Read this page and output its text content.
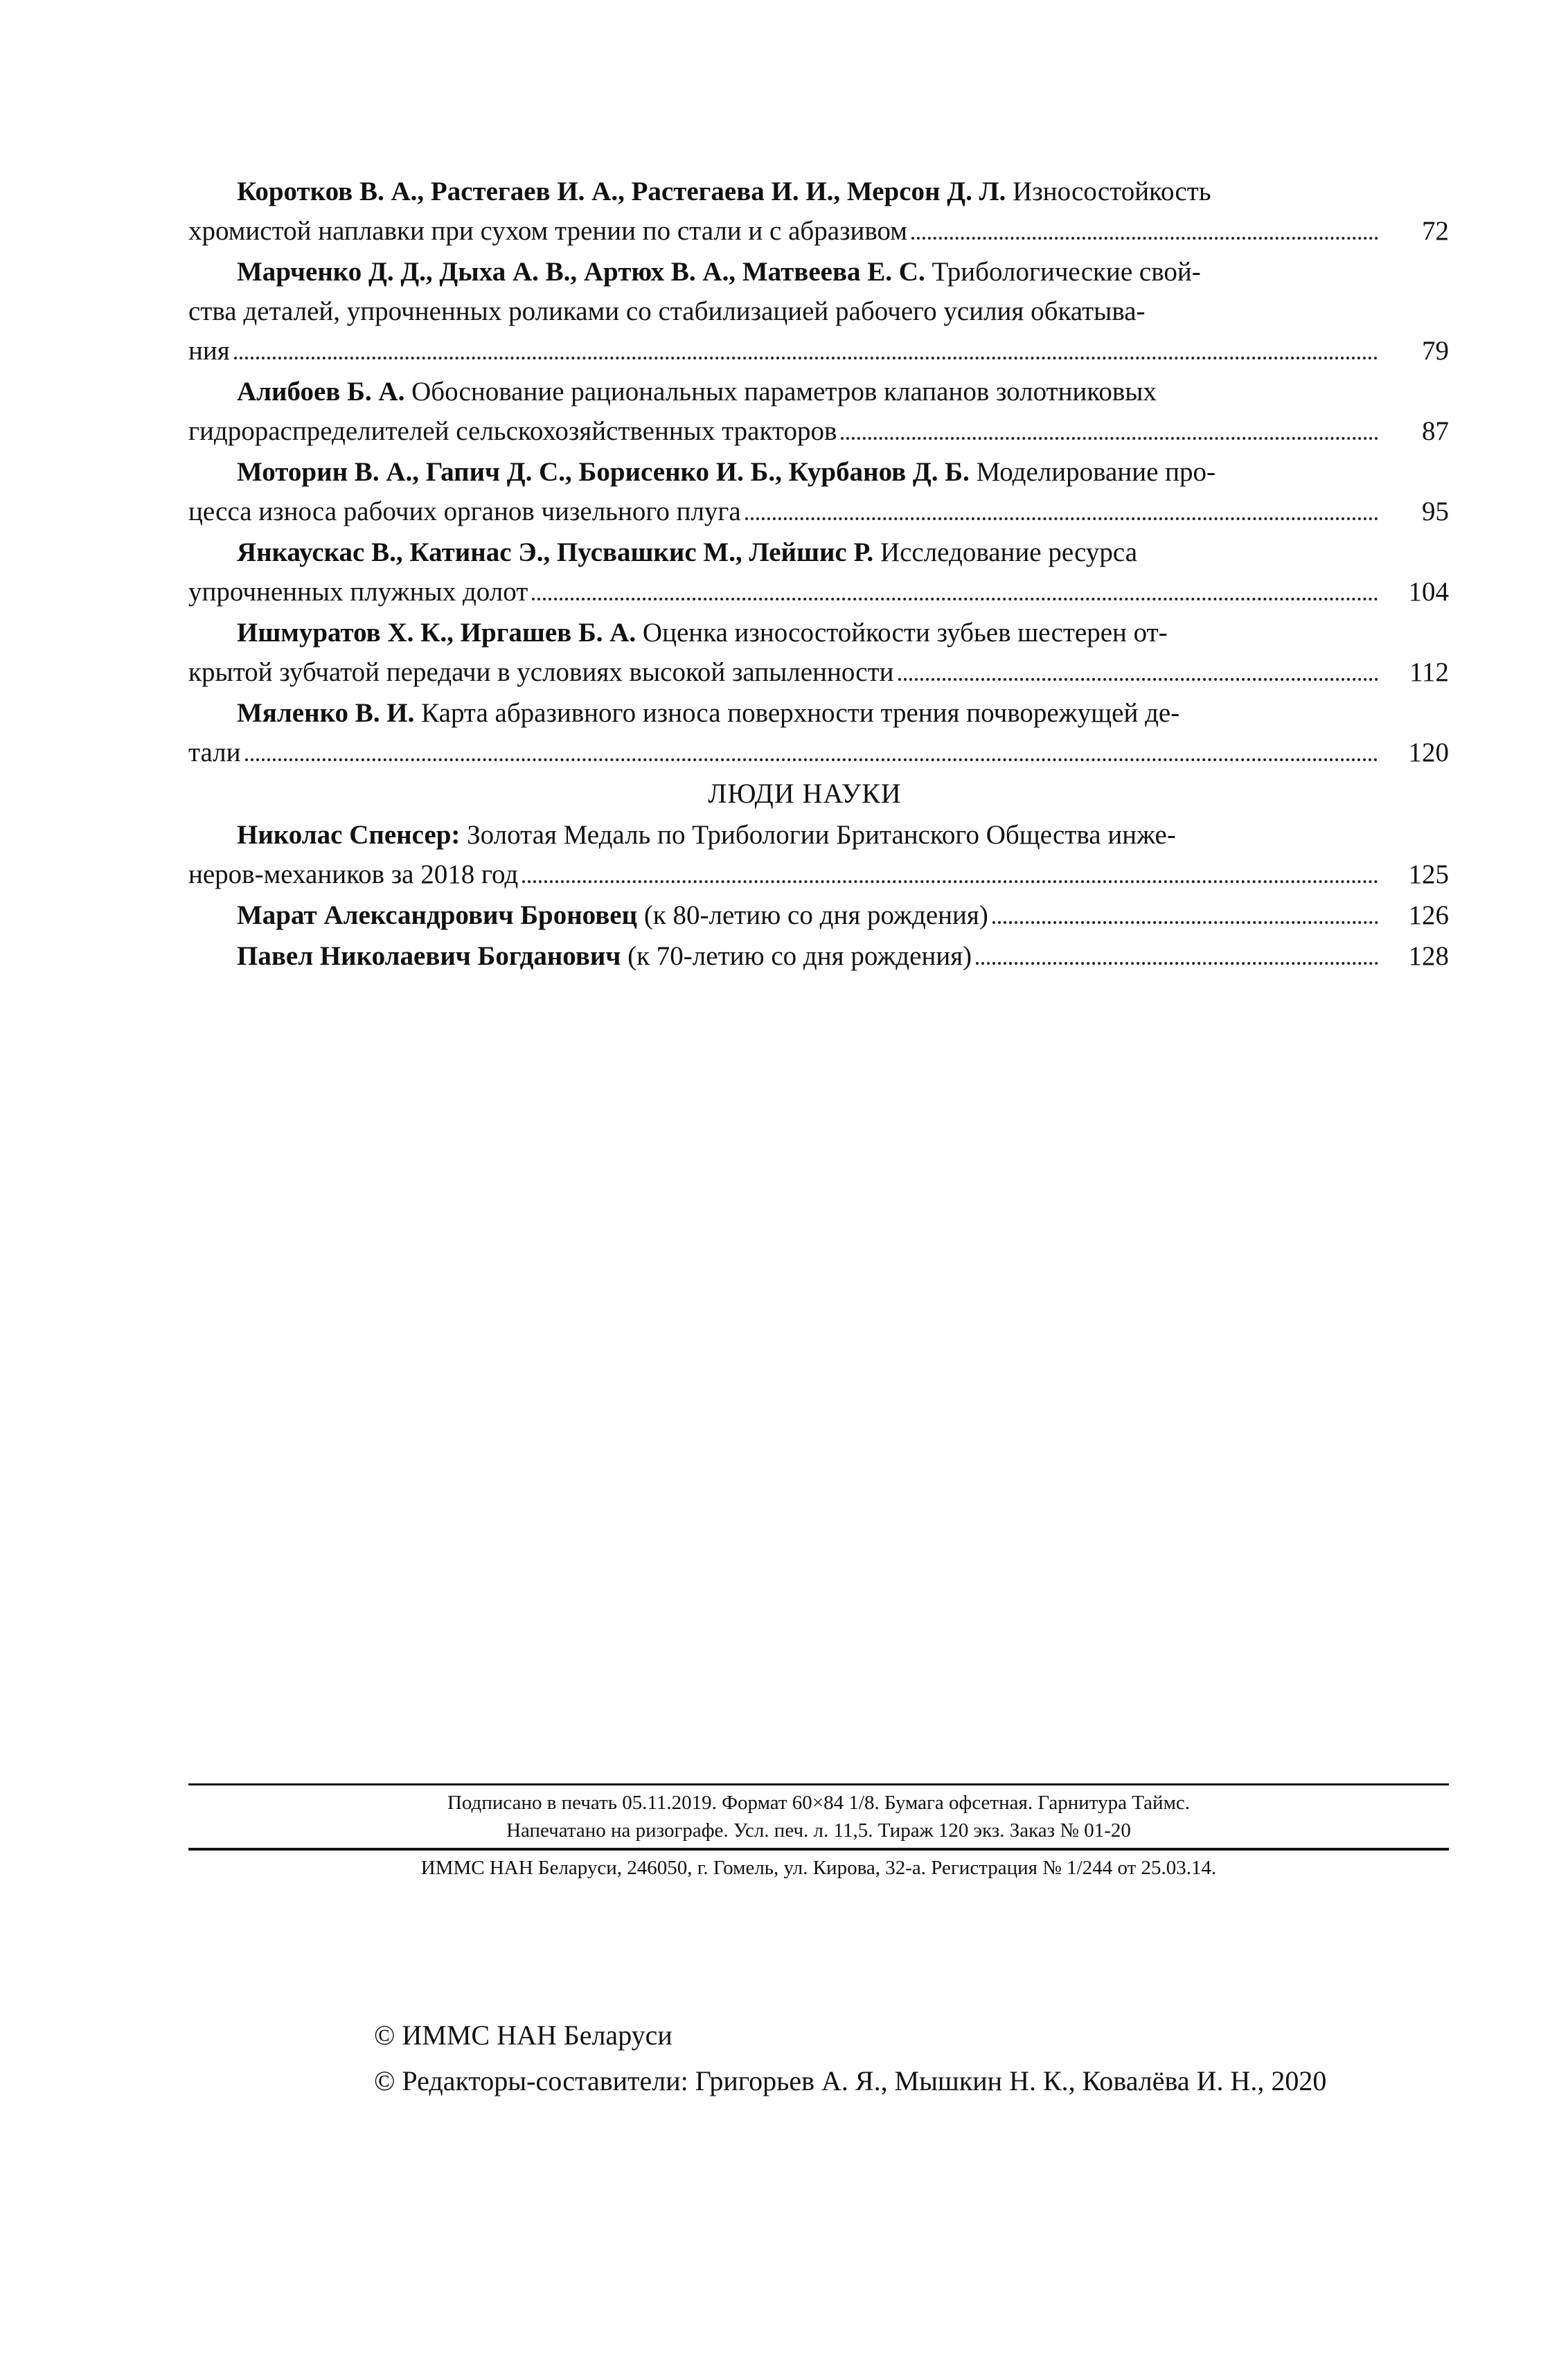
Коротков В. А., Растегаев И. А., Растегаева И. И., Мерсон Д. Л. Износостойкость
хромистой наплавки при сухом трении по стали и с абразивом	72
Марченко Д. Д., Дыха А. В., Артюх В. А., Матвеева Е. С. Трибологические свой-
ства деталей, упрочненных роликами со стабилизацией рабочего усилия обкатыва-
ния	79
Алибоев Б. А. Обоснование рациональных параметров клапанов золотниковых
гидрораспределителей сельскохозяйственных тракторов	87
Моторин В. А., Гапич Д. С., Борисенко И. Б., Курбанов Д. Б. Моделирование про-
цесса износа рабочих органов чизельного плуга	95
Янкаускас В., Катинас Э., Пусвашкис М., Лейшис Р. Исследование ресурса
упрочненных плужных долот	104
Ишмуратов Х. К., Иргашев Б. А. Оценка износостойкости зубьев шестерен от-
крытой зубчатой передачи в условиях высокой запыленности	112
Мяленко В. И. Карта абразивного износа поверхности трения почворежущей де-
тали	120
ЛЮДИ НАУКИ
Николас Спенсер: Золотая Медаль по Трибологии Британского Общества инже-
неров-механиков за 2018 год	125
Марат Александрович Броновец (к 80-летию со дня рождения)	126
Павел Николаевич Богданович (к 70-летию со дня рождения)	128
Подписано в печать 05.11.2019. Формат 60×84 1/8. Бумага офсетная. Гарнитура Таймс.
Напечатано на ризографе. Усл. печ. л. 11,5. Тираж 120 экз. Заказ № 01-20
ИММС НАН Беларуси, 246050, г. Гомель, ул. Кирова, 32-а. Регистрация № 1/244 от 25.03.14.
© ИММС НАН Беларуси
© Редакторы-составители: Григорьев А. Я., Мышкин Н. К., Ковалёва И. Н., 2020
